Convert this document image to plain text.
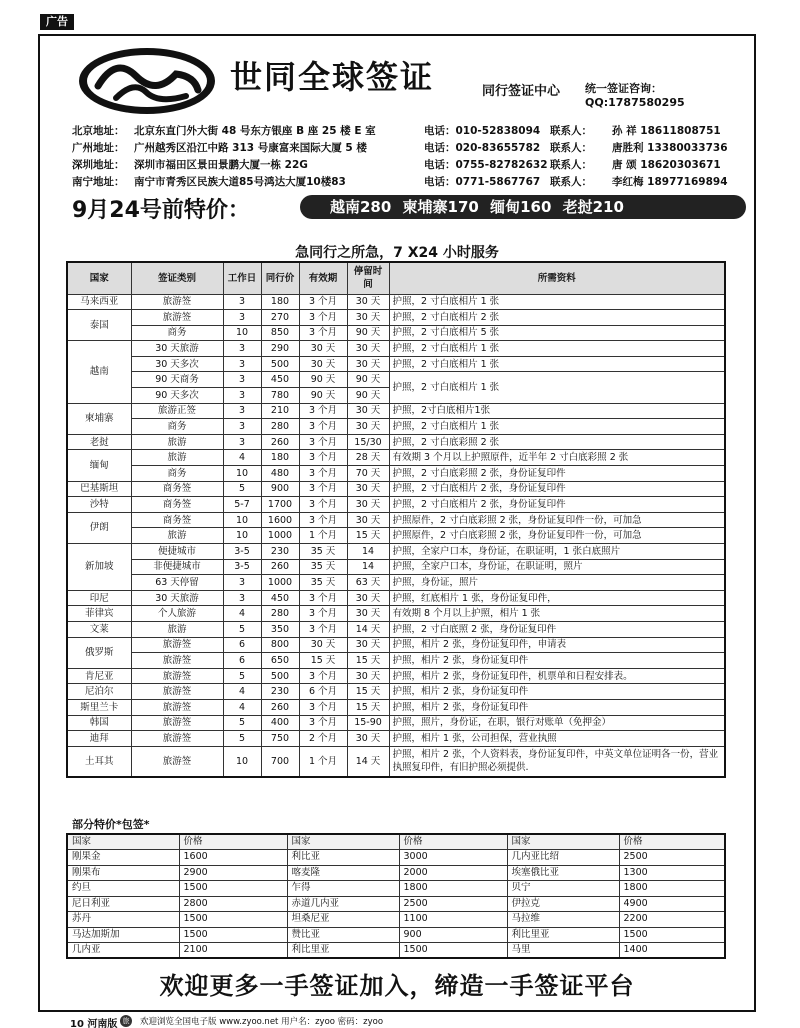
广告
世同全球签证	同行签证中心 统一签证咨询：QQ:1787580295
北京地址： 北京东直门外大街 48 号东方银座 B 座 25 楼 E 室	电话：010-52838094 联系人： 孙 祥 18611808751
广州地址： 广州越秀区沿江中路 313 号康富来国际大厦 5 楼	电话：020-83655782 联系人： 唐胜利 13380033736
深圳地址： 深圳市福田区景田景鹏大厦一栋 22G	电话：0755-82782632 联系人： 唐 颂 18620303671
南宁地址： 南宁市青秀区民族大道85号鸿达大厦10楼83	电话：0771-5867767 联系人： 李红梅 18977169894
9月24号前特价：	越南280 柬埔寨170 缅甸160 老挝210
急同行之所急，7 X24 小时服务
国家	签证类别	工作日	同行价	有效期	停留时间	所需资料
马来西亚	旅游签	3	180	3 个月	30 天	护照，2 寸白底相片 1 张
泰国	旅游签	3	270	3 个月	30 天	护照，2 寸白底相片 2 张
	商务	10	850	3 个月	90 天	护照，2 寸白底相片 5 张
越南	30 天旅游	3	290	30 天	30 天	护照，2 寸白底相片 1 张
	30 天多次	3	500	30 天	30 天	护照，2 寸白底相片 1 张
	90 天商务	3	450	90 天	90 天	护照，2 寸白底相片 1 张
	90 天多次	3	780	90 天	90 天	
柬埔寨	旅游正签	3	210	3 个月	30 天	护照，2寸白底相片1张
	商务	3	280	3 个月	30 天	护照，2 寸白底相片 1 张
老挝	旅游	3	260	3 个月	15/30	护照，2 寸白底彩照 2 张
缅甸	旅游	4	180	3 个月	28 天	有效期 3 个月以上护照原件，近半年 2 寸白底彩照 2 张
	商务	10	480	3 个月	70 天	护照，2 寸白底彩照 2 张，身份证复印件
巴基斯坦	商务签	5	900	3 个月	30 天	护照，2 寸白底相片 2 张，身份证复印件
沙特	商务签	5-7	1700	3 个月	30 天	护照，2 寸白底相片 2 张，身份证复印件
伊朗	商务签	10	1600	3 个月	30 天	护照原件，2 寸白底彩照 2 张，身份证复印件一份，可加急
	旅游	10	1000	1 个月	15 天	护照原件，2 寸白底彩照 2 张，身份证复印件一份，可加急
新加坡	便捷城市	3-5	230	35 天	14	护照，全家户口本，身份证，在职证明，1 张白底照片
	非便捷城市	3-5	260	35 天	14	护照，全家户口本，身份证，在职证明，照片
	63 天停留	3	1000	35 天	63 天	护照，身份证，照片
印尼	30 天旅游	3	450	3 个月	30 天	护照，红底相片 1 张，身份证复印件，
菲律宾	个人旅游	4	280	3 个月	30 天	有效期 8 个月以上护照，相片 1 张
文莱	旅游	5	350	3 个月	14 天	护照，2 寸白底照 2 张，身份证复印件
俄罗斯	旅游签	6	800	30 天	30 天	护照，相片 2 张，身份证复印件，申请表
	旅游签	6	650	15 天	15 天	护照，相片 2 张，身份证复印件
肯尼亚	旅游签	5	500	3 个月	30 天	护照，相片 2 张，身份证复印件，机票单和日程安排表。
尼泊尔	旅游签	4	230	6 个月	15 天	护照，相片 2 张，身份证复印件
斯里兰卡	旅游签	4	260	3 个月	15 天	护照，相片 2 张，身份证复印件
韩国	旅游签	5	400	3 个月	15-90	护照，照片，身份证，在职，银行对账单（免押金）
迪拜	旅游签	5	750	2 个月	30 天	护照，相片 1 张，公司担保，营业执照
土耳其	旅游签	10	700	1 个月	14 天	护照，相片 2 张，个人资料表，身份证复印件，中英文单位证明各一份，营业执照复印件，有旧护照必须提供.
部分特价*包签*
国家	价格	国家	价格	国家	价格
刚果金	1600	利比亚	3000	几内亚比绍	2500
刚果布	2900	喀麦隆	2000	埃塞俄比亚	1300
约旦	1500	乍得	1800	贝宁	1800
尼日利亚	2800	赤道几内亚	2500	伊拉克	4900
苏丹	1500	坦桑尼亚	1100	马拉维	2200
马达加斯加	1500	赞比亚	900	利比里亚	1500
几内亚	2100	利比里亚	1500	马里	1400
欢迎更多一手签证加入，缔造一手签证平台
10 河南版 旅 欢迎浏览全国电子版 www.zyoo.net 用户名：zyoo 密码：zyoo
